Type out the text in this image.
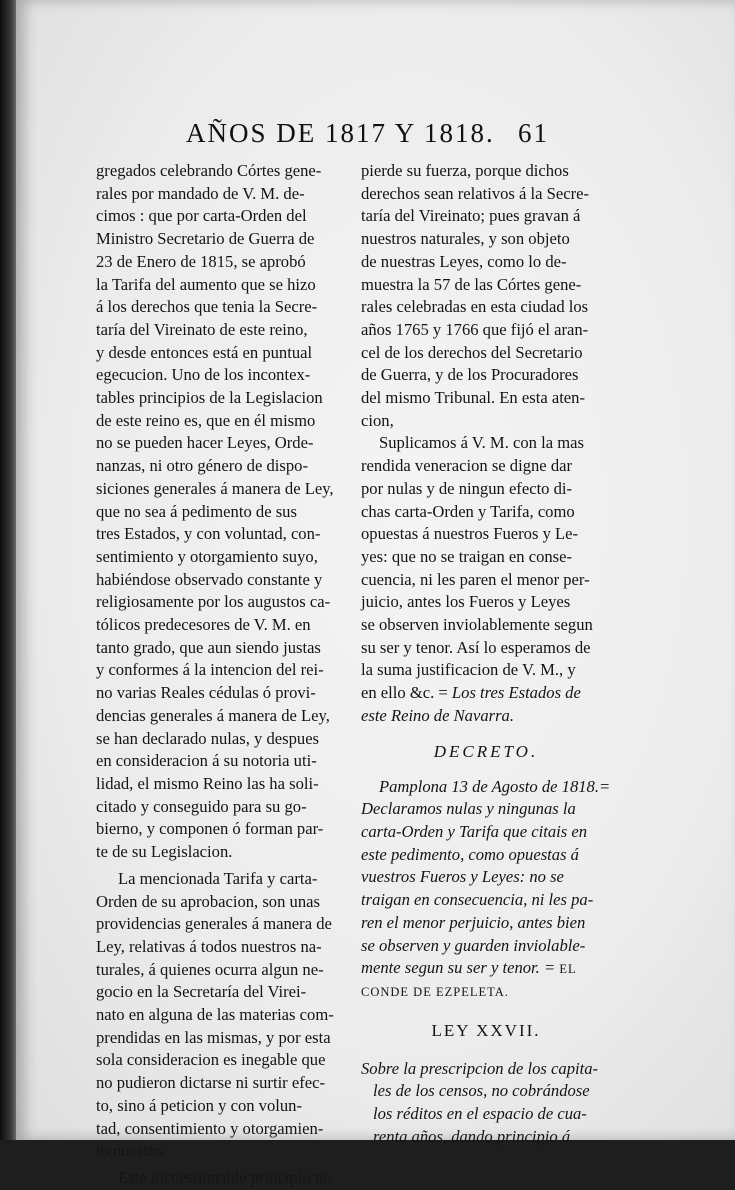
AÑOS DE 1817 Y 1818. 61
gregados celebrando Córtes gene-
rales por mandado de V. M. de-
cimos : que por carta-Orden del
Ministro Secretario de Guerra de
23 de Enero de 1815, se aprobó
la Tarifa del aumento que se hizo
á los derechos que tenia la Secre-
taría del Vireinato de este reino,
y desde entonces está en puntual
egecucion. Uno de los incontex-
tables principios de la Legislacion
de este reino es, que en él mismo
no se pueden hacer Leyes, Orde-
nanzas, ni otro género de dispo-
siciones generales á manera de Ley,
que no sea á pedimento de sus
tres Estados, y con voluntad, con-
sentimiento y otorgamiento suyo,
habiéndose observado constante y
religiosamente por los augustos ca-
tólicos predecesores de V. M. en
tanto grado, que aun siendo justas
y conformes á la intencion del rei-
no varias Reales cédulas ó provi-
dencias generales á manera de Ley,
se han declarado nulas, y despues
en consideracion á su notoria uti-
lidad, el mismo Reino las ha soli-
citado y conseguido para su go-
bierno, y componen ó forman par-
te de su Legislacion.
La mencionada Tarifa y carta-
Orden de su aprobacion, son unas
providencias generales á manera de
Ley, relativas á todos nuestros na-
turales, á quienes ocurra algun ne-
gocio en la Secretaría del Virei-
nato en alguna de las materias com-
prendidas en las mismas, y por esta
sola consideracion es inegable que
no pudieron dictarse ni surtir efec-
to, sino á peticion y con volun-
tad, consentimiento y otorgamien-
to nuestro.
Este incuestionable principio no
pierde su fuerza, porque dichos
derechos sean relativos á la Secre-
taría del Vireinato; pues gravan á
nuestros naturales, y son objeto
de nuestras Leyes, como lo de-
muestra la 57 de las Córtes gene-
rales celebradas en esta ciudad los
años 1765 y 1766 que fijó el aran-
cel de los derechos del Secretario
de Guerra, y de los Procuradores
del mismo Tribunal. En esta aten-
cion,
Suplicamos á V. M. con la mas
rendida veneracion se digne dar
por nulas y de ningun efecto di-
chas carta-Orden y Tarifa, como
opuestas á nuestros Fueros y Le-
yes: que no se traigan en conse-
cuencia, ni les paren el menor per-
juicio, antes los Fueros y Leyes
se observen inviolablemente segun
su ser y tenor. Así lo esperamos de
la suma justificacion de V. M., y
en ello &c. = Los tres Estados de
este Reino de Navarra.
DECRETO.
Pamplona 13 de Agosto de 1818.=
Declaramos nulas y ningunas la
carta-Orden y Tarifa que citais en
este pedimento, como opuestas á
vuestros Fueros y Leyes: no se
traigan en consecuencia, ni les pa-
ren el menor perjuicio, antes bien
se observen y guarden inviolable-
mente segun su ser y tenor. = EL
CONDE DE EZPELETA.
LEY XXVII.
Sobre la prescripcion de los capita-
les de los censos, no cobrándose
los réditos en el espacio de cua-
renta años, dando principio á
